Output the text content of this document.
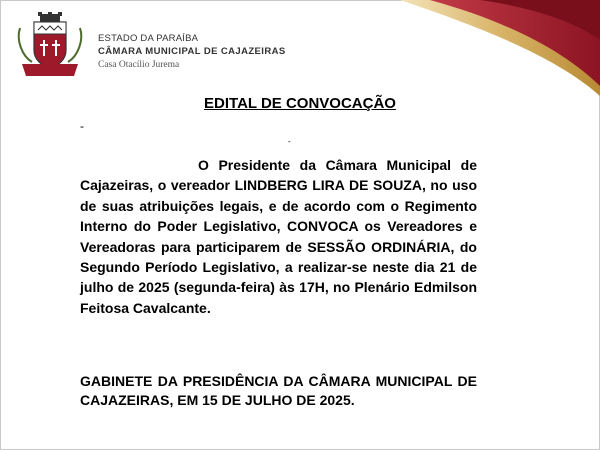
ESTADO DA PARAÍBA
CÂMARA MUNICIPAL DE CAJAZEIRAS
Casa Otacílio Jurema
EDITAL DE CONVOCAÇÃO
-
-
O Presidente da Câmara Municipal de Cajazeiras, o vereador LINDBERG LIRA DE SOUZA, no uso de suas atribuições legais, e de acordo com o Regimento Interno do Poder Legislativo, CONVOCA os Vereadores e Vereadoras para participarem de SESSÃO ORDINÁRIA, do Segundo Período Legislativo, a realizar-se neste dia 21 de julho de 2025 (segunda-feira) às 17H, no Plenário Edmilson Feitosa Cavalcante.
GABINETE DA PRESIDÊNCIA DA CÂMARA MUNICIPAL DE CAJAZEIRAS, EM 15 DE JULHO DE 2025.
